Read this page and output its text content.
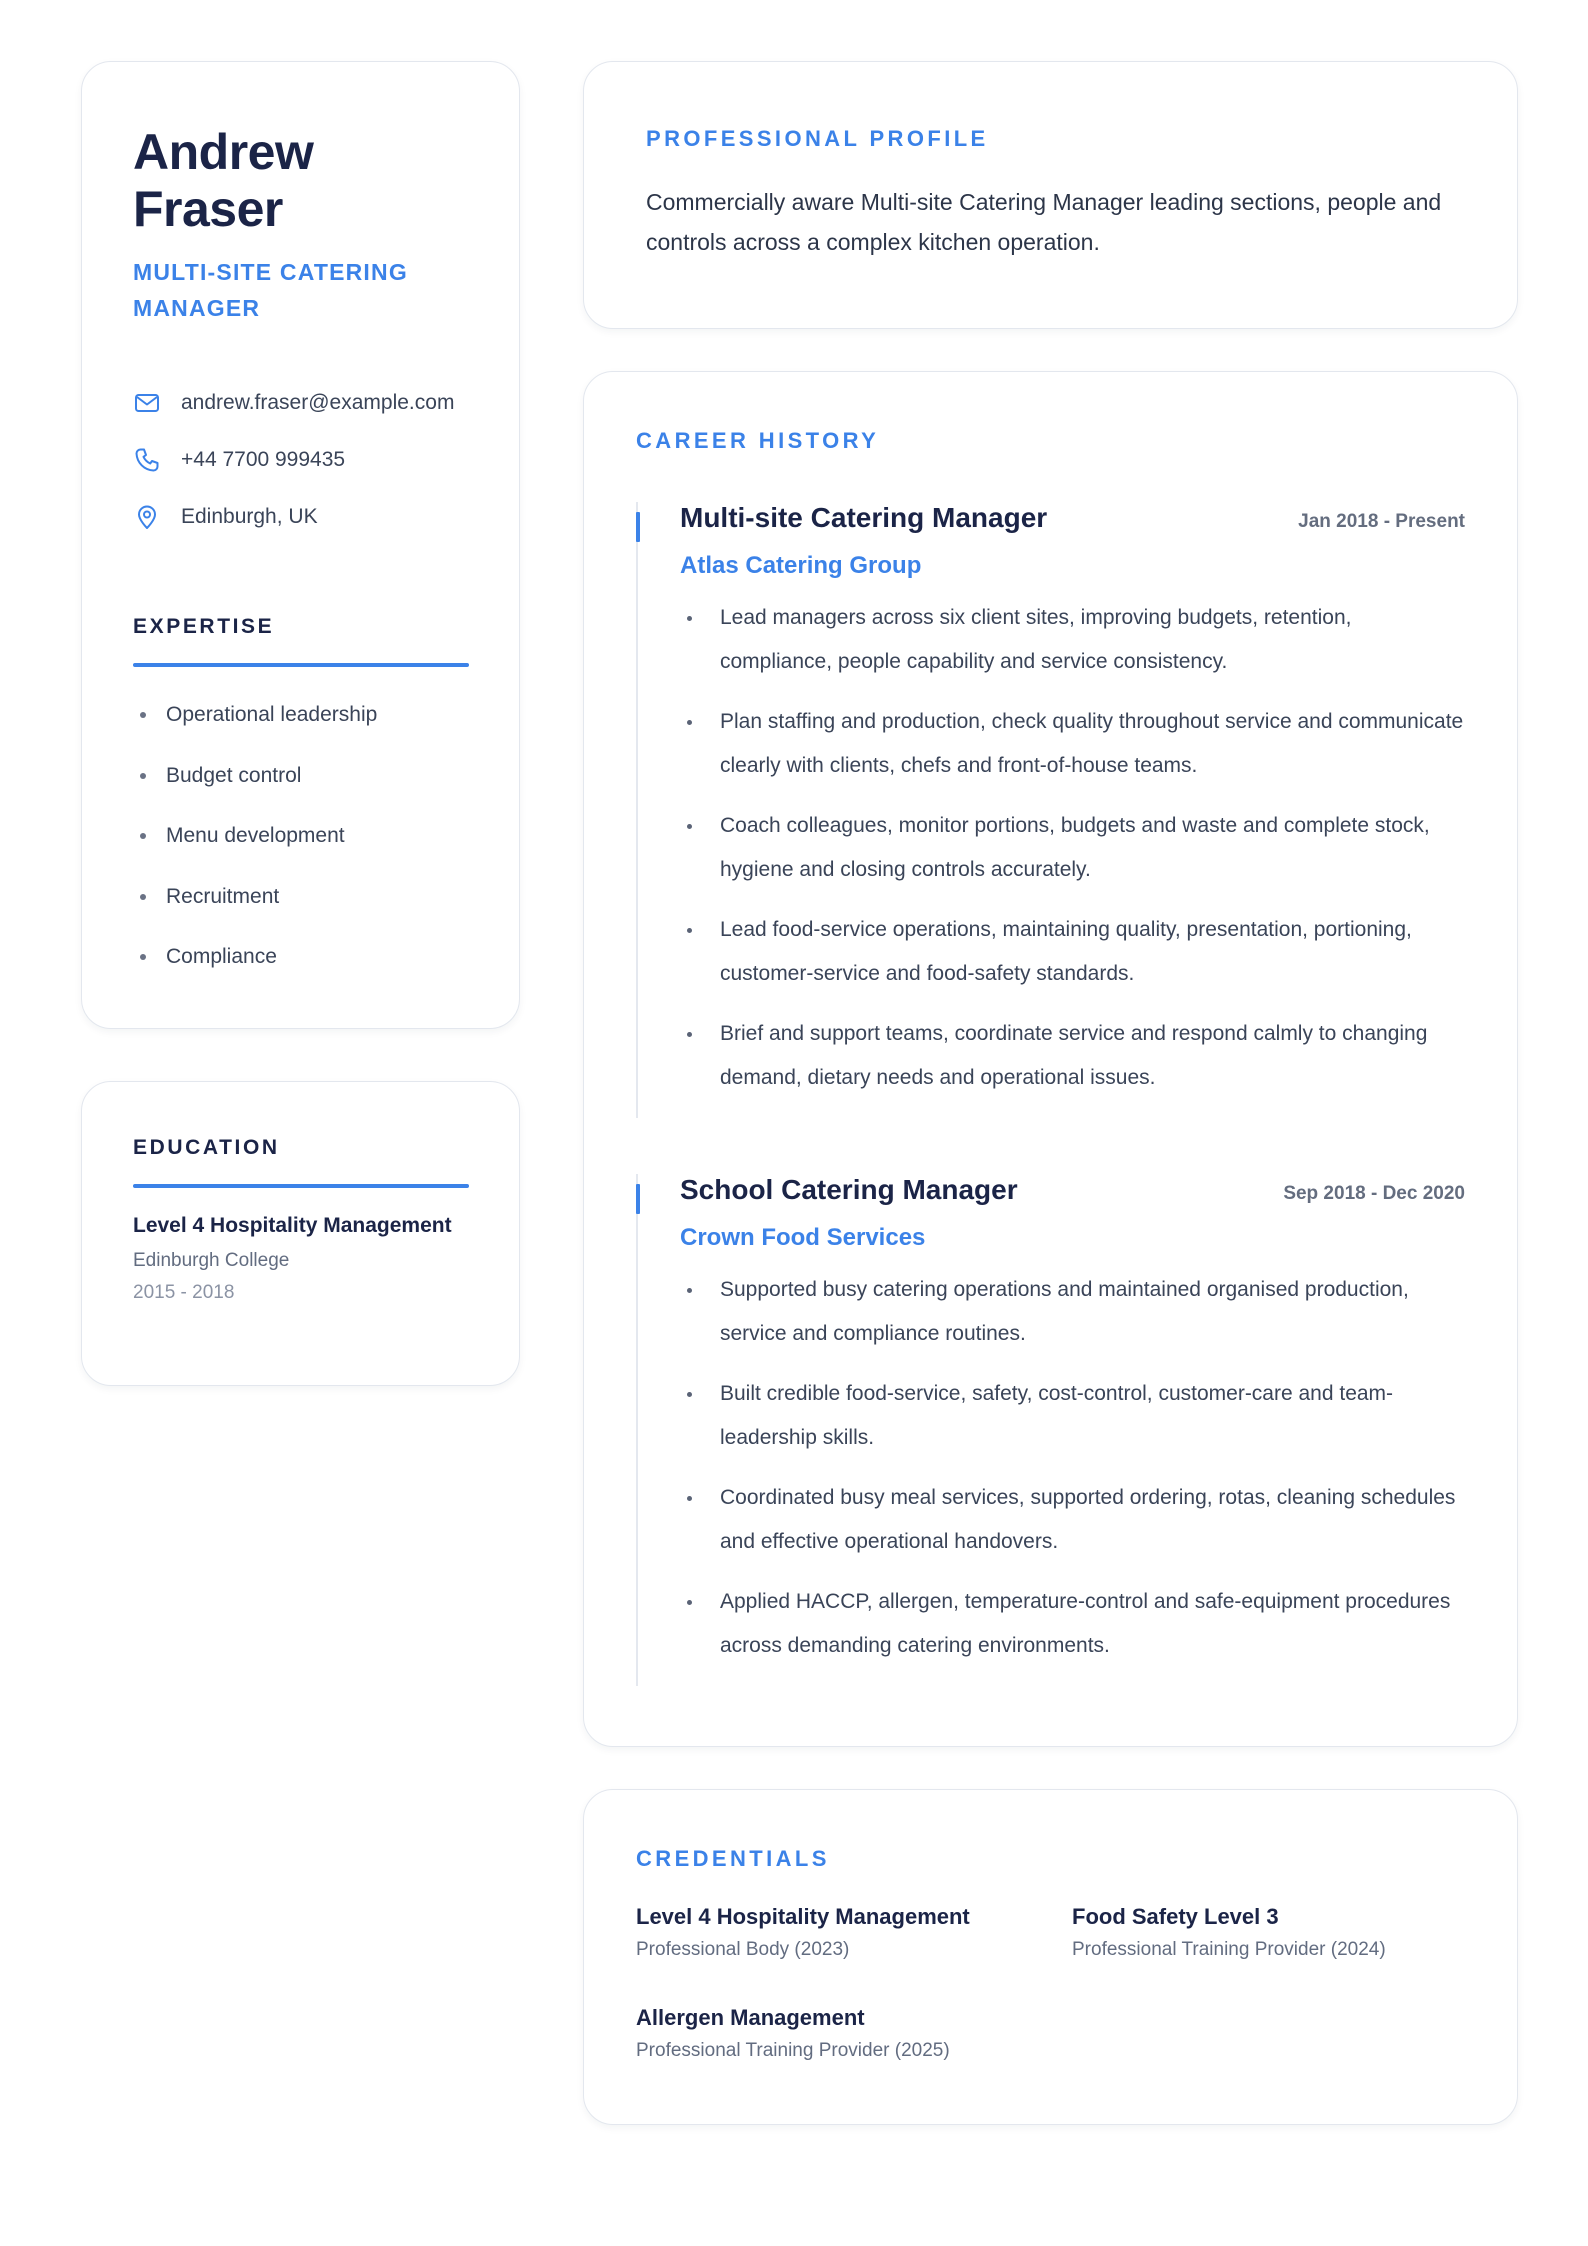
Andrew
Fraser
MULTI-SITE CATERING MANAGER
andrew.fraser@example.com
+44 7700 999435
Edinburgh, UK
EXPERTISE
Operational leadership
Budget control
Menu development
Recruitment
Compliance
EDUCATION
Level 4 Hospitality Management
Edinburgh College
2015 - 2018
PROFESSIONAL PROFILE

Commercially aware Multi-site Catering Manager leading sections, people and controls across a complex kitchen operation.

CAREER HISTORY
Multi-site Catering Manager	Jan 2018 - Present
Atlas Catering Group
Lead managers across six client sites, improving budgets, retention, compliance, people capability and service consistency.
Plan staffing and production, check quality throughout service and communicate clearly with clients, chefs and front-of-house teams.
Coach colleagues, monitor portions, budgets and waste and complete stock, hygiene and closing controls accurately.
Lead food-service operations, maintaining quality, presentation, portioning, customer-service and food-safety standards.
Brief and support teams, coordinate service and respond calmly to changing demand, dietary needs and operational issues.
School Catering Manager	Sep 2018 - Dec 2020
Crown Food Services
Supported busy catering operations and maintained organised production, service and compliance routines.
Built credible food-service, safety, cost-control, customer-care and team-leadership skills.
Coordinated busy meal services, supported ordering, rotas, cleaning schedules and effective operational handovers.
Applied HACCP, allergen, temperature-control and safe-equipment procedures across demanding catering environments.
CREDENTIALS
Level 4 Hospitality Management
Professional Body (2023)
Food Safety Level 3
Professional Training Provider (2024)
Allergen Management
Professional Training Provider (2025)
